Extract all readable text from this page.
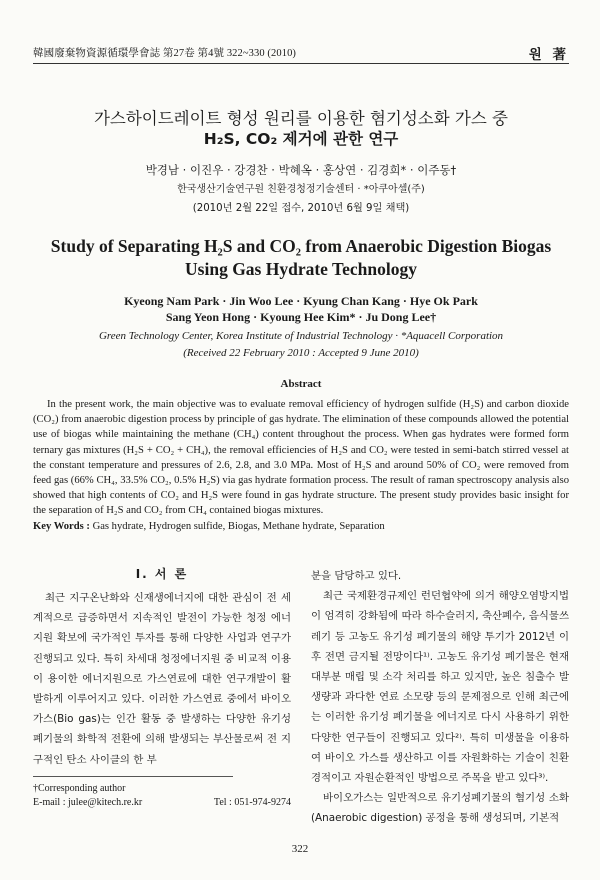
韓國廢棄物資源循環學會誌 第27卷 第4號 322~330 (2010)	원 著
가스하이드레이트 형성 원리를 이용한 혐기성소화 가스 중
H₂S, CO₂ 제거에 관한 연구
박경남 · 이진우 · 강경찬 · 박혜옥 · 홍상연 · 김경희* · 이주동†
한국생산기술연구원 친환경청정기술센터 · *아쿠아셀(주)
(2010년 2월 22일 접수, 2010년 6월 9일 채택)
Study of Separating H₂S and CO₂ from Anaerobic Digestion Biogas
Using Gas Hydrate Technology
Kyeong Nam Park · Jin Woo Lee · Kyung Chan Kang · Hye Ok Park
Sang Yeon Hong · Kyoung Hee Kim* · Ju Dong Lee†
Green Technology Center, Korea Institute of Industrial Technology · *Aquacell Corporation
(Received 22 February 2010 : Accepted 9 June 2010)
Abstract
In the present work, the main objective was to evaluate removal efficiency of hydrogen sulfide (H₂S) and carbon dioxide (CO₂) from anaerobic digestion process by principle of gas hydrate. The elimination of these compounds allowed the potential use of biogas while maintaining the methane (CH₄) content throughout the process. When gas hydrates were formed form ternary gas mixtures (H₂S + CO₂ + CH₄), the removal efficiencies of H₂S and CO₂ were tested in semi-batch stirred vessel at the constant temperature and pressures of 2.6, 2.8, and 3.0 MPa. Most of H₂S and around 50% of CO₂ were removed from feed gas (66% CH₄, 33.5% CO₂, 0.5% H₂S) via gas hydrate formation process. The result of raman spectroscopy analysis also showed that high contents of CO₂ and H₂S were found in gas hydrate structure. The present study provides basic insight for the separation of H₂S and CO₂ from CH₄ contained biogas mixtures.
Key Words : Gas hydrate, Hydrogen sulfide, Biogas, Methane hydrate, Separation
I. 서 론
최근 지구온난화와 신재생에너지에 대한 관심이 전 세계적으로 급증하면서 지속적인 발전이 가능한 청정 에너지원 확보에 국가적인 투자를 통해 다양한 사업과 연구가 진행되고 있다. 특히 차세대 청정에너지원 중 비교적 이용이 용이한 에너지원으로 가스연료에 대한 연구개발이 활발하게 이루어지고 있다. 이러한 가스연료 중에서 바이오 가스(Bio gas)는 인간 활동 중 발생하는 다양한 유기성 폐기물의 화학적 전환에 의해 발생되는 부산물로써 전 지구적인 탄소 사이클의 한 부

분을 담당하고 있다.

최근 국제환경규제인 런던협약에 의거 해양오염방지법이 엄격히 강화됨에 따라 하수슬러지, 축산폐수, 음식물쓰레기 등 고농도 유기성 폐기물의 해양 투기가 2012년 이후 전면 금지될 전망이다¹⁾. 고농도 유기성 폐기물은 현재 대부분 매립 및 소각 처리를 하고 있지만, 높은 침출수 발생량과 과다한 연료 소모량 등의 문제점으로 인해 최근에는 이러한 유기성 폐기물을 에너지로 다시 사용하기 위한 다양한 연구들이 진행되고 있다²⁾. 특히 미생물을 이용하여 바이오 가스를 생산하고 이를 자원화하는 기술이 친환경적이고 자원순환적인 방법으로 주목을 받고 있다³⁾.

바이오가스는 일반적으로 유기성폐기물의 혐기성 소화(Anaerobic digestion) 공정을 통해 생성되며, 기본적

†Corresponding author
E-mail : julee@kitech.re.kr	Tel : 051-974-9274
322
